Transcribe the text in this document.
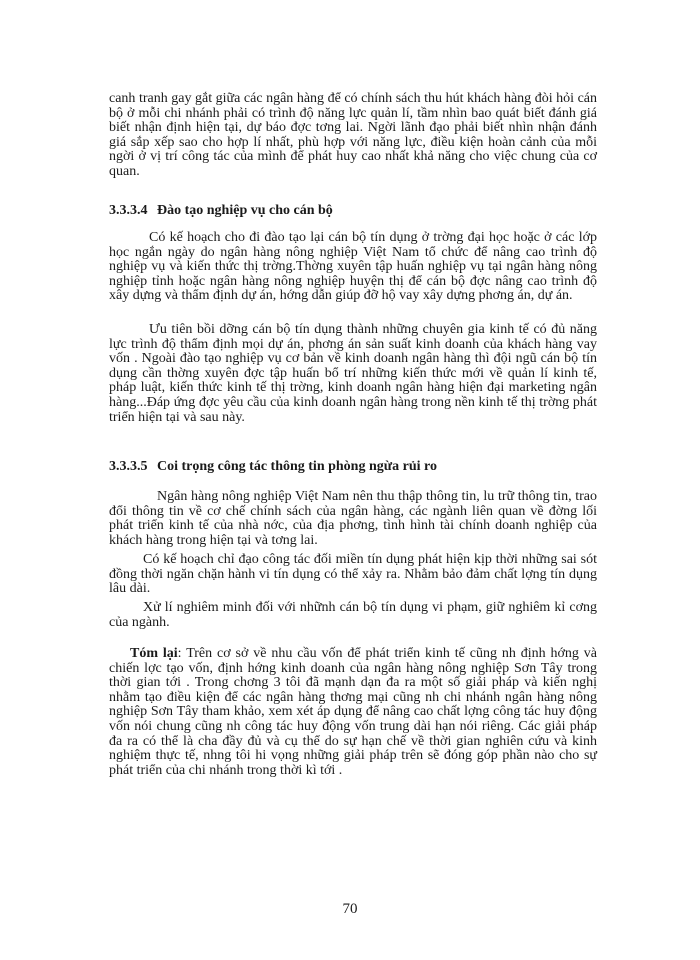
canh tranh gay gắt giữa các ngân hàng để có chính sách thu hút khách hàng đòi hỏi cán bộ ở mỗi chi nhánh phải có trình độ năng lực quản lí, tầm nhìn bao quát biết đánh giá biết nhận định hiện tại, dự báo đợc tơng lai. Ngời lãnh đạo phải biết nhìn nhận đánh giá sắp xếp sao cho hợp lí nhất, phù hợp với năng lực, điều kiện hoàn cảnh của mỗi ngời ở vị trí công tác của mình để phát huy cao nhất khả năng cho việc chung của cơ quan.

3.3.3.4 Đào tạo nghiệp vụ cho cán bộ

Có kế hoạch cho đi đào tạo lại cán bộ tín dụng ở trờng đại học hoặc ở các lớp học ngắn ngày do ngân hàng nông nghiệp Việt Nam tổ chức để nâng cao trình độ nghiệp vụ và kiến thức thị trờng.Thờng xuyên tập huấn nghiệp vụ tại ngân hàng nông nghiệp tỉnh hoặc ngân hàng nông nghiệp huyện thị để cán bộ đợc nâng cao trình độ xây dựng và thẩm định dự án, hớng dẫn giúp đỡ hộ vay xây dựng phơng án, dự án.

Ưu tiên bồi dỡng cán bộ tín dụng thành những chuyên gia kinh tế có đủ năng lực trình độ thẩm định mọi dự án, phơng án sản suất kinh doanh của khách hàng vay vốn . Ngoài đào tạo nghiệp vụ cơ bản về kinh doanh ngân hàng thì đội ngũ cán bộ tín dụng cần thờng xuyên đợc tập huấn bổ trí những kiến thức mới về quản lí kinh tế, pháp luật, kiến thức kinh tế thị trờng, kinh doanh ngân hàng hiện đại marketing ngân hàng...Đáp ứng đợc yêu cầu của kinh doanh ngân hàng trong nền kinh tế thị trờng phát triển hiện tại và sau này.

3.3.3.5 Coi trọng công tác thông tin phòng ngừa rủi ro

Ngân hàng nông nghiệp Việt Nam nên thu thập thông tin, lu trữ thông tin, trao đổi thông tin về cơ chế chính sách của ngân hàng, các ngành liên quan về đờng lối phát triển kinh tế của nhà nớc, của địa phơng, tình hình tài chính doanh nghiệp của khách hàng trong hiện tại và tơng lai.

Có kế hoạch chỉ đạo công tác đối miền tín dụng phát hiện kịp thời những sai sót đồng thời ngăn chặn hành vi tín dụng có thể xảy ra. Nhằm bảo đảm chất lợng tín dụng lâu dài.

Xử lí nghiêm minh đối với nhữnh cán bộ tín dụng vi phạm, giữ nghiêm kỉ cơng của ngành.

Tóm lại: Trên cơ sở về nhu cầu vốn để phát triển kinh tế cũng nh định hớng và chiến lợc tạo vốn, định hớng kinh doanh của ngân hàng nông nghiệp Sơn Tây trong thời gian tới . Trong chơng 3 tôi đã mạnh dạn đa ra một số giải pháp và kiến nghị nhằm tạo điều kiện để các ngân hàng thơng mại cũng nh chi nhánh ngân hàng nông nghiệp Sơn Tây tham khảo, xem xét áp dụng để nâng cao chất lợng công tác huy động vốn nói chung cũng nh công tác huy động vốn trung dài hạn nói riêng. Các giải pháp đa ra có thể là cha đầy đủ và cụ thể do sự hạn chế về thời gian nghiên cứu và kinh nghiệm thực tế, nhng tôi hi vọng những giải pháp trên sẽ đóng góp phần nào cho sự phát triển của chi nhánh trong thời kì tới .

70
